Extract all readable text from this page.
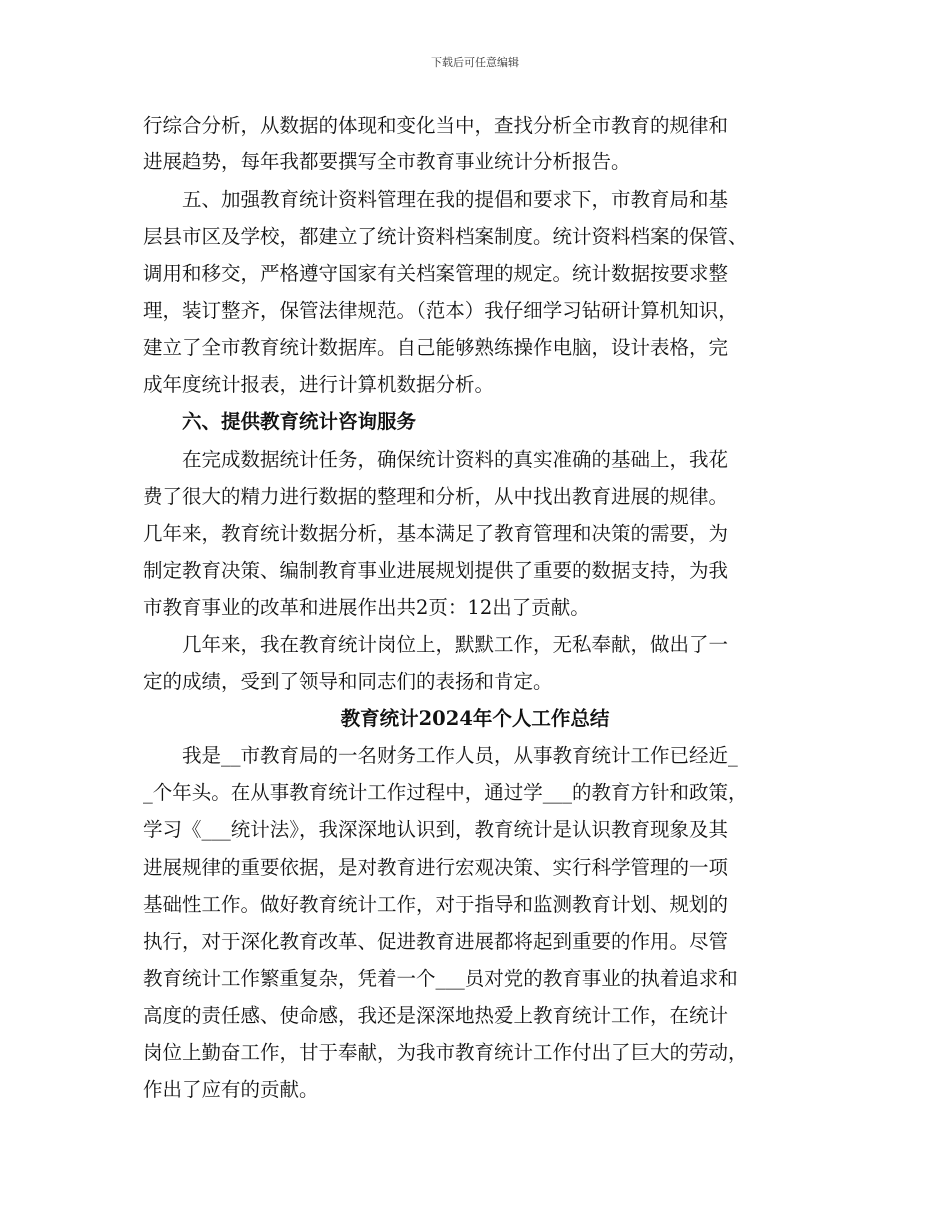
下载后可任意编辑
行综合分析，从数据的体现和变化当中，查找分析全市教育的规律和
进展趋势，每年我都要撰写全市教育事业统计分析报告。
　　五、加强教育统计资料管理在我的提倡和要求下，市教育局和基
层县市区及学校，都建立了统计资料档案制度。统计资料档案的保管、
调用和移交，严格遵守国家有关档案管理的规定。统计数据按要求整
理，装订整齐，保管法律规范。（范本）我仔细学习钻研计算机知识，
建立了全市教育统计数据库。自己能够熟练操作电脑，设计表格，完
成年度统计报表，进行计算机数据分析。
　　六、提供教育统计咨询服务
　　在完成数据统计任务，确保统计资料的真实准确的基础上，我花
费了很大的精力进行数据的整理和分析，从中找出教育进展的规律。
几年来，教育统计数据分析，基本满足了教育管理和决策的需要，为
制定教育决策、编制教育事业进展规划提供了重要的数据支持，为我
市教育事业的改革和进展作出共2页：12出了贡献。
　　几年来，我在教育统计岗位上，默默工作，无私奉献，做出了一
定的成绩，受到了领导和同志们的表扬和肯定。
教育统计2024年个人工作总结
　　我是__市教育局的一名财务工作人员，从事教育统计工作已经近_
_个年头。在从事教育统计工作过程中，通过学___的教育方针和政策，
学习《___统计法》，我深深地认识到，教育统计是认识教育现象及其
进展规律的重要依据，是对教育进行宏观决策、实行科学管理的一项
基础性工作。做好教育统计工作，对于指导和监测教育计划、规划的
执行，对于深化教育改革、促进教育进展都将起到重要的作用。尽管
教育统计工作繁重复杂，凭着一个___员对党的教育事业的执着追求和
高度的责任感、使命感，我还是深深地热爱上教育统计工作，在统计
岗位上勤奋工作，甘于奉献，为我市教育统计工作付出了巨大的劳动，
作出了应有的贡献。
